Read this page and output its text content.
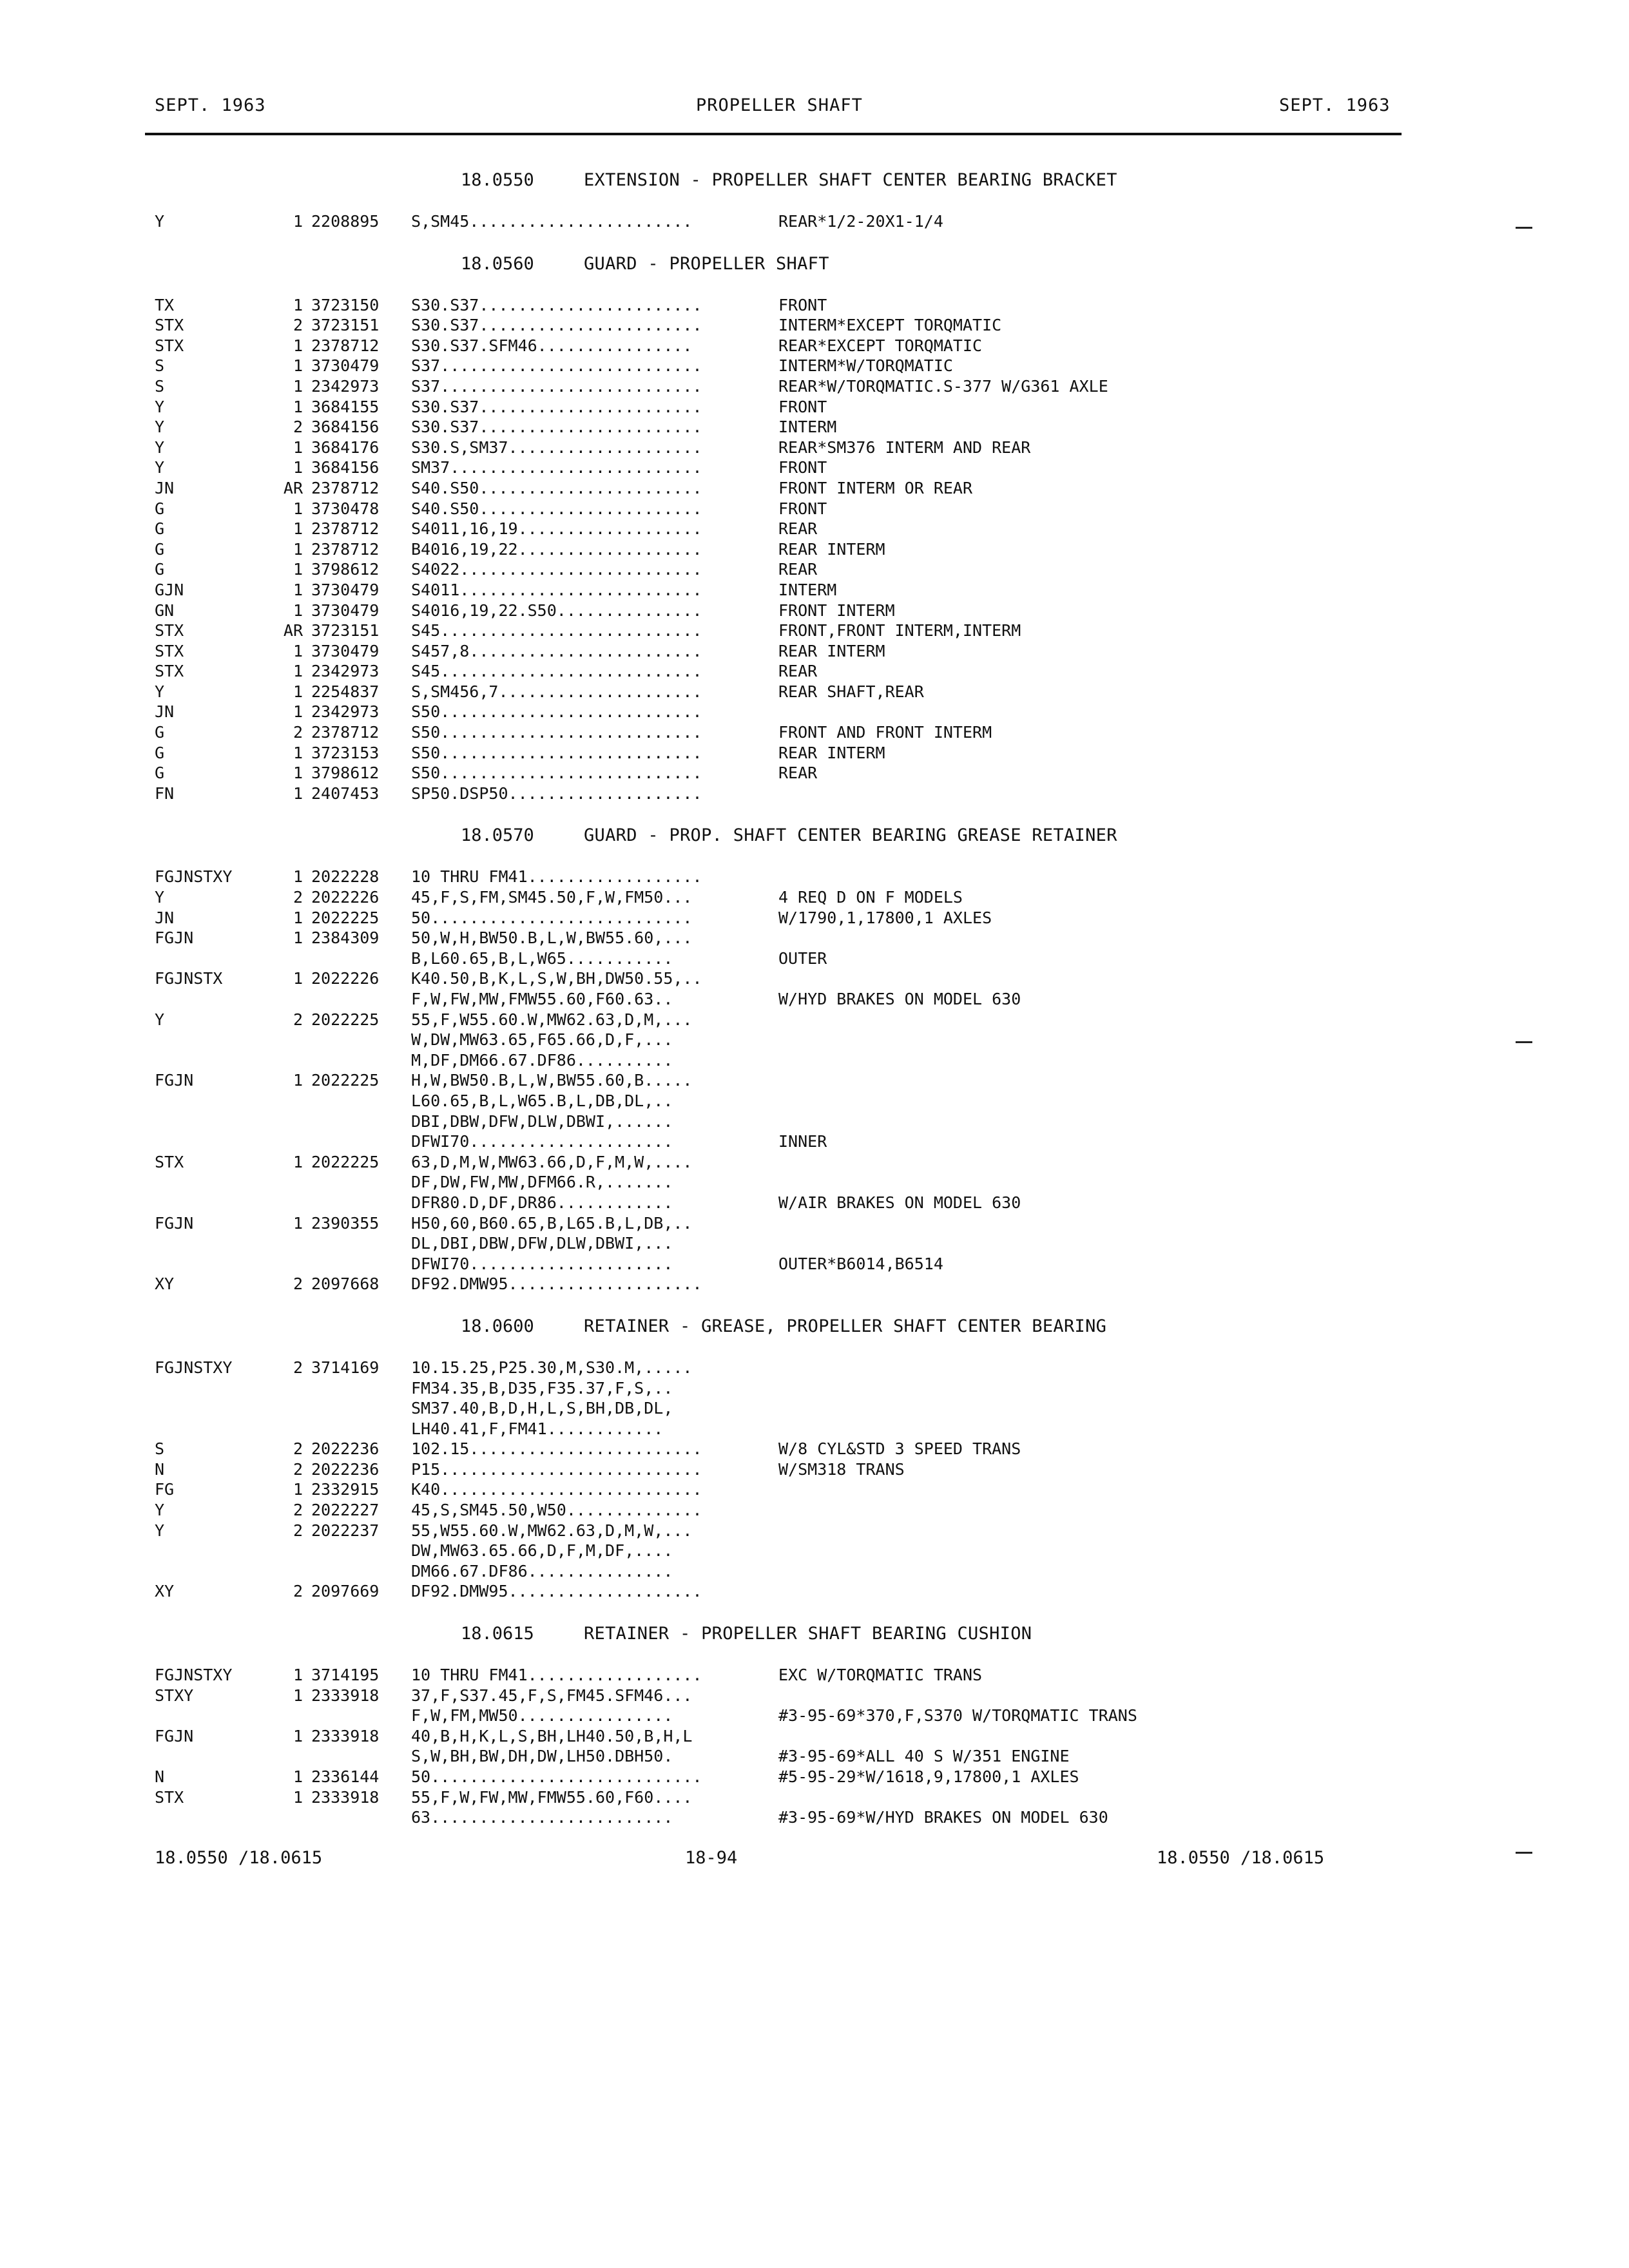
SEPT. 1963	PROPELLER SHAFT	SEPT. 1963
18.0550	EXTENSION - PROPELLER SHAFT CENTER BEARING BRACKET
Y	1 2208895 S,SM45.......................	REAR*1/2-20X1-1/4
18.0560	GUARD - PROPELLER SHAFT
TX	1 3723150 S30.S37.......................	FRONT
STX	2 3723151 S30.S37.......................	INTERM*EXCEPT TORQMATIC
STX	1 2378712 S30.S37.SFM46................	REAR*EXCEPT TORQMATIC
S	1 3730479 S37...........................	INTERM*W/TORQMATIC
S	1 2342973 S37...........................	REAR*W/TORQMATIC.S-377 W/G361 AXLE
Y	1 3684155 S30.S37.......................	FRONT
Y	2 3684156 S30.S37.......................	INTERM
Y	1 3684176 S30.S,SM37....................	REAR*SM376 INTERM AND REAR
Y	1 3684156 SM37..........................	FRONT
JN	AR 2378712 S40.S50.......................	FRONT INTERM OR REAR
G	1 3730478 S40.S50.......................	FRONT
G	1 2378712 S4011,16,19...................	REAR
G	1 2378712 B4016,19,22...................	REAR INTERM
G	1 3798612 S4022.........................	REAR
GJN	1 3730479 S4011.........................	INTERM
GN	1 3730479 S4016,19,22.S50...............	FRONT INTERM
STX	AR 3723151 S45...........................	FRONT,FRONT INTERM,INTERM
STX	1 3730479 S457,8........................	REAR INTERM
STX	1 2342973 S45...........................	REAR
Y	1 2254837 S,SM456,7.....................	REAR SHAFT,REAR
JN	1 2342973 S50...........................
G	2 2378712 S50...........................	FRONT AND FRONT INTERM
G	1 3723153 S50...........................	REAR INTERM
G	1 3798612 S50...........................	REAR
FN	1 2407453 SP50.DSP50....................
18.0570	GUARD - PROP. SHAFT CENTER BEARING GREASE RETAINER
FGJNSTXY	1 2022228 10 THRU FM41..................
Y	2 2022226 45,F,S,FM,SM45.50,F,W,FM50...	4 REQ D ON F MODELS
JN	1 2022225 50...........................	W/1790,1,17800,1 AXLES
FGJN	1 2384309 50,W,H,BW50.B,L,W,BW55.60,...
B,L60.65,B,L,W65...........	OUTER
FGJNSTX	1 2022226 K40.50,B,K,L,S,W,BH,DW50.55,..
F,W,FW,MW,FMW55.60,F60.63..	W/HYD BRAKES ON MODEL 630
Y	2 2022225 55,F,W55.60.W,MW62.63,D,M,...
W,DW,MW63.65,F65.66,D,F,...
M,DF,DM66.67.DF86..........
FGJN	1 2022225 H,W,BW50.B,L,W,BW55.60,B.....
L60.65,B,L,W65.B,L,DB,DL,..
DBI,DBW,DFW,DLW,DBWI,......
DFWI70.....................	INNER
STX	1 2022225 63,D,M,W,MW63.66,D,F,M,W,....
DF,DW,FW,MW,DFM66.R,.......
DFR80.D,DF,DR86............	W/AIR BRAKES ON MODEL 630
FGJN	1 2390355 H50,60,B60.65,B,L65.B,L,DB,..
DL,DBI,DBW,DFW,DLW,DBWI,...
DFWI70.....................	OUTER*B6014,B6514
XY	2 2097668 DF92.DMW95....................
18.0600	RETAINER - GREASE, PROPELLER SHAFT CENTER BEARING
FGJNSTXY	2 3714169 10.15.25,P25.30,M,S30.M,.....
FM34.35,B,D35,F35.37,F,S,..
SM37.40,B,D,H,L,S,BH,DB,DL,
LH40.41,F,FM41............
S	2 2022236 102.15........................	W/8 CYL&STD 3 SPEED TRANS
N	2 2022236 P15...........................	W/SM318 TRANS
FG	1 2332915 K40...........................
Y	2 2022227 45,S,SM45.50,W50..............
Y	2 2022237 55,W55.60.W,MW62.63,D,M,W,...
DW,MW63.65.66,D,F,M,DF,....
DM66.67.DF86...............
XY	2 2097669 DF92.DMW95....................
18.0615	RETAINER - PROPELLER SHAFT BEARING CUSHION
FGJNSTXY	1 3714195 10 THRU FM41..................	EXC W/TORQMATIC TRANS
STXY	1 2333918 37,F,S37.45,F,S,FM45.SFM46...
F,W,FM,MW50................	#3-95-69*370,F,S370 W/TORQMATIC TRANS
FGJN	1 2333918 40,B,H,K,L,S,BH,LH40.50,B,H,L
S,W,BH,BW,DH,DW,LH50.DBH50.	#3-95-69*ALL 40 S W/351 ENGINE
N	1 2336144 50............................	#5-95-29*W/1618,9,17800,1 AXLES
STX	1 2333918 55,F,W,FW,MW,FMW55.60,F60....
63.........................	#3-95-69*W/HYD BRAKES ON MODEL 630
18.0550 /18.0615	18-94	18.0550 /18.0615
